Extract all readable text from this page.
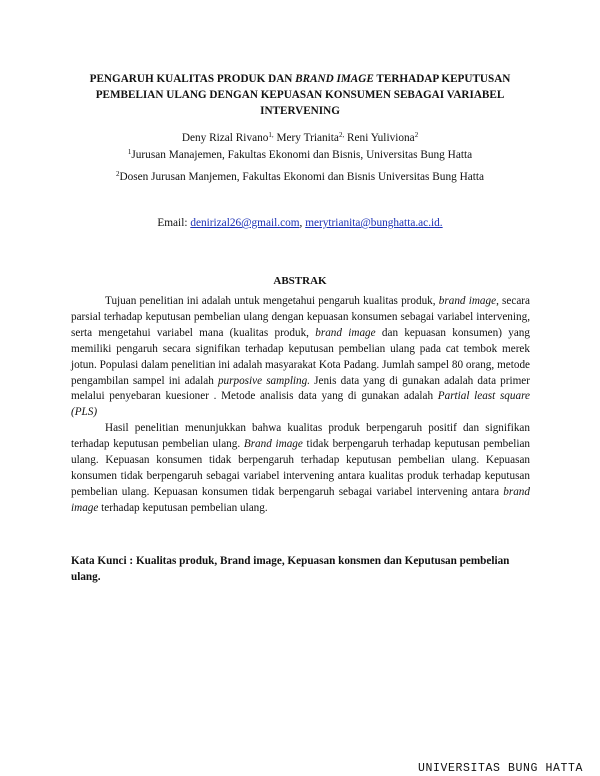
PENGARUH KUALITAS PRODUK DAN BRAND IMAGE TERHADAP KEPUTUSAN PEMBELIAN ULANG DENGAN KEPUASAN KONSUMEN SEBAGAI VARIABEL INTERVENING
Deny Rizal Rivano$^{1,}$ Mery Trianita$^{2,}$ Reni Yuliviona$^2$
$^1$Jurusan Manajemen, Fakultas Ekonomi dan Bisnis, Universitas Bung Hatta
$^2$Dosen Jurusan Manjemen, Fakultas Ekonomi dan Bisnis Universitas Bung Hatta
Email: denirizal26@gmail.com, merytrianita@bunghatta.ac.id.
ABSTRAK

Tujuan penelitian ini adalah untuk mengetahui pengaruh kualitas produk, brand image, secara parsial terhadap keputusan pembelian ulang dengan kepuasan konsumen sebagai variabel intervening, serta mengetahui variabel mana (kualitas produk, brand image dan kepuasan konsumen) yang memiliki pengaruh secara signifikan terhadap keputusan pembelian ulang pada cat tembok merek jotun. Populasi dalam penelitian ini adalah masyarakat Kota Padang. Jumlah sampel 80 orang, metode pengambilan sampel ini adalah purposive sampling. Jenis data yang di gunakan adalah data primer melalui penyebaran kuesioner . Metode analisis data yang di gunakan adalah Partial least square (PLS)

Hasil penelitian menunjukkan bahwa kualitas produk berpengaruh positif dan signifikan terhadap keputusan pembelian ulang. Brand image tidak berpengaruh terhadap keputusan pembelian ulang. Kepuasan konsumen tidak berpengaruh terhadap keputusan pembelian ulang. Kepuasan konsumen tidak berpengaruh sebagai variabel intervening antara kualitas produk terhadap keputusan pembelian ulang. Kepuasan konsumen tidak berpengaruh sebagai variabel intervening antara brand image terhadap keputusan pembelian ulang.

Kata Kunci : Kualitas produk, Brand image, Kepuasan konsmen dan Keputusan pembelian ulang.
UNIVERSITAS BUNG HATTA
